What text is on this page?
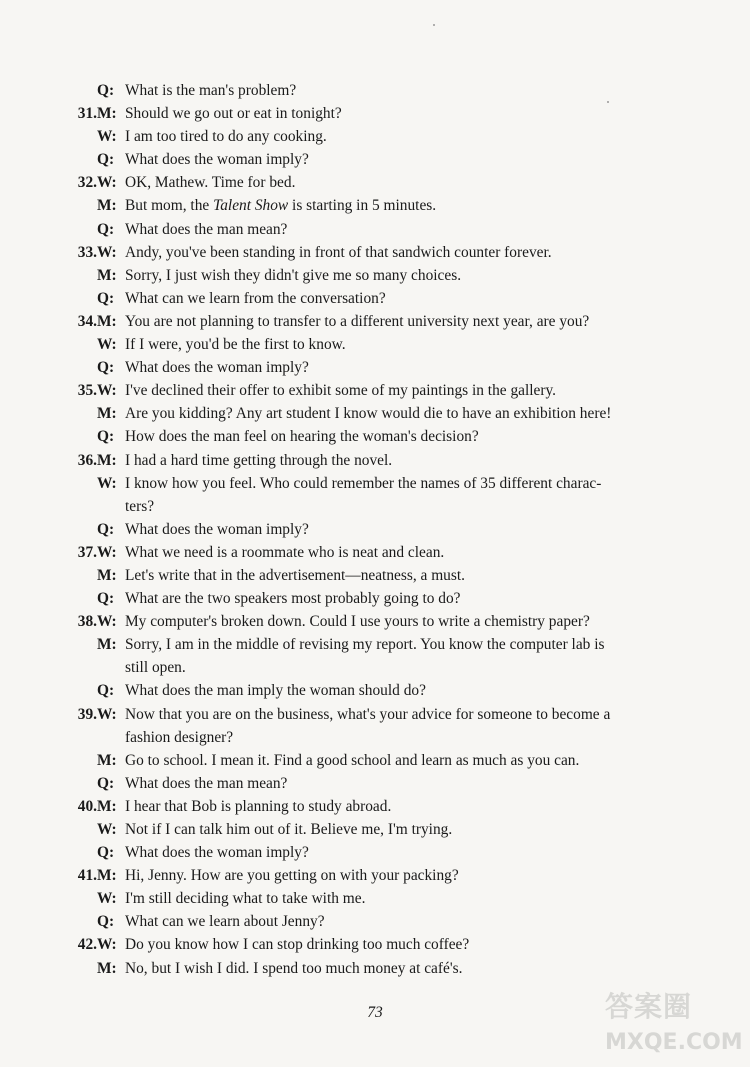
Q: What is the man's problem?
31. M: Should we go out or eat in tonight?
W: I am too tired to do any cooking.
Q: What does the woman imply?
32. W: OK, Mathew. Time for bed.
M: But mom, the Talent Show is starting in 5 minutes.
Q: What does the man mean?
33. W: Andy, you've been standing in front of that sandwich counter forever.
M: Sorry, I just wish they didn't give me so many choices.
Q: What can we learn from the conversation?
34. M: You are not planning to transfer to a different university next year, are you?
W: If I were, you'd be the first to know.
Q: What does the woman imply?
35. W: I've declined their offer to exhibit some of my paintings in the gallery.
M: Are you kidding? Any art student I know would die to have an exhibition here!
Q: How does the man feel on hearing the woman's decision?
36. M: I had a hard time getting through the novel.
W: I know how you feel. Who could remember the names of 35 different charac-
ters?
Q: What does the woman imply?
37. W: What we need is a roommate who is neat and clean.
M: Let's write that in the advertisement—neatness, a must.
Q: What are the two speakers most probably going to do?
38. W: My computer's broken down. Could I use yours to write a chemistry paper?
M: Sorry, I am in the middle of revising my report. You know the computer lab is
still open.
Q: What does the man imply the woman should do?
39. W: Now that you are on the business, what's your advice for someone to become a
fashion designer?
M: Go to school. I mean it. Find a good school and learn as much as you can.
Q: What does the man mean?
40. M: I hear that Bob is planning to study abroad.
W: Not if I can talk him out of it. Believe me, I'm trying.
Q: What does the woman imply?
41. M: Hi, Jenny. How are you getting on with your packing?
W: I'm still deciding what to take with me.
Q: What can we learn about Jenny?
42. W: Do you know how I can stop drinking too much coffee?
M: No, but I wish I did. I spend too much money at café's.
73	答案圈
MXQE.COM
